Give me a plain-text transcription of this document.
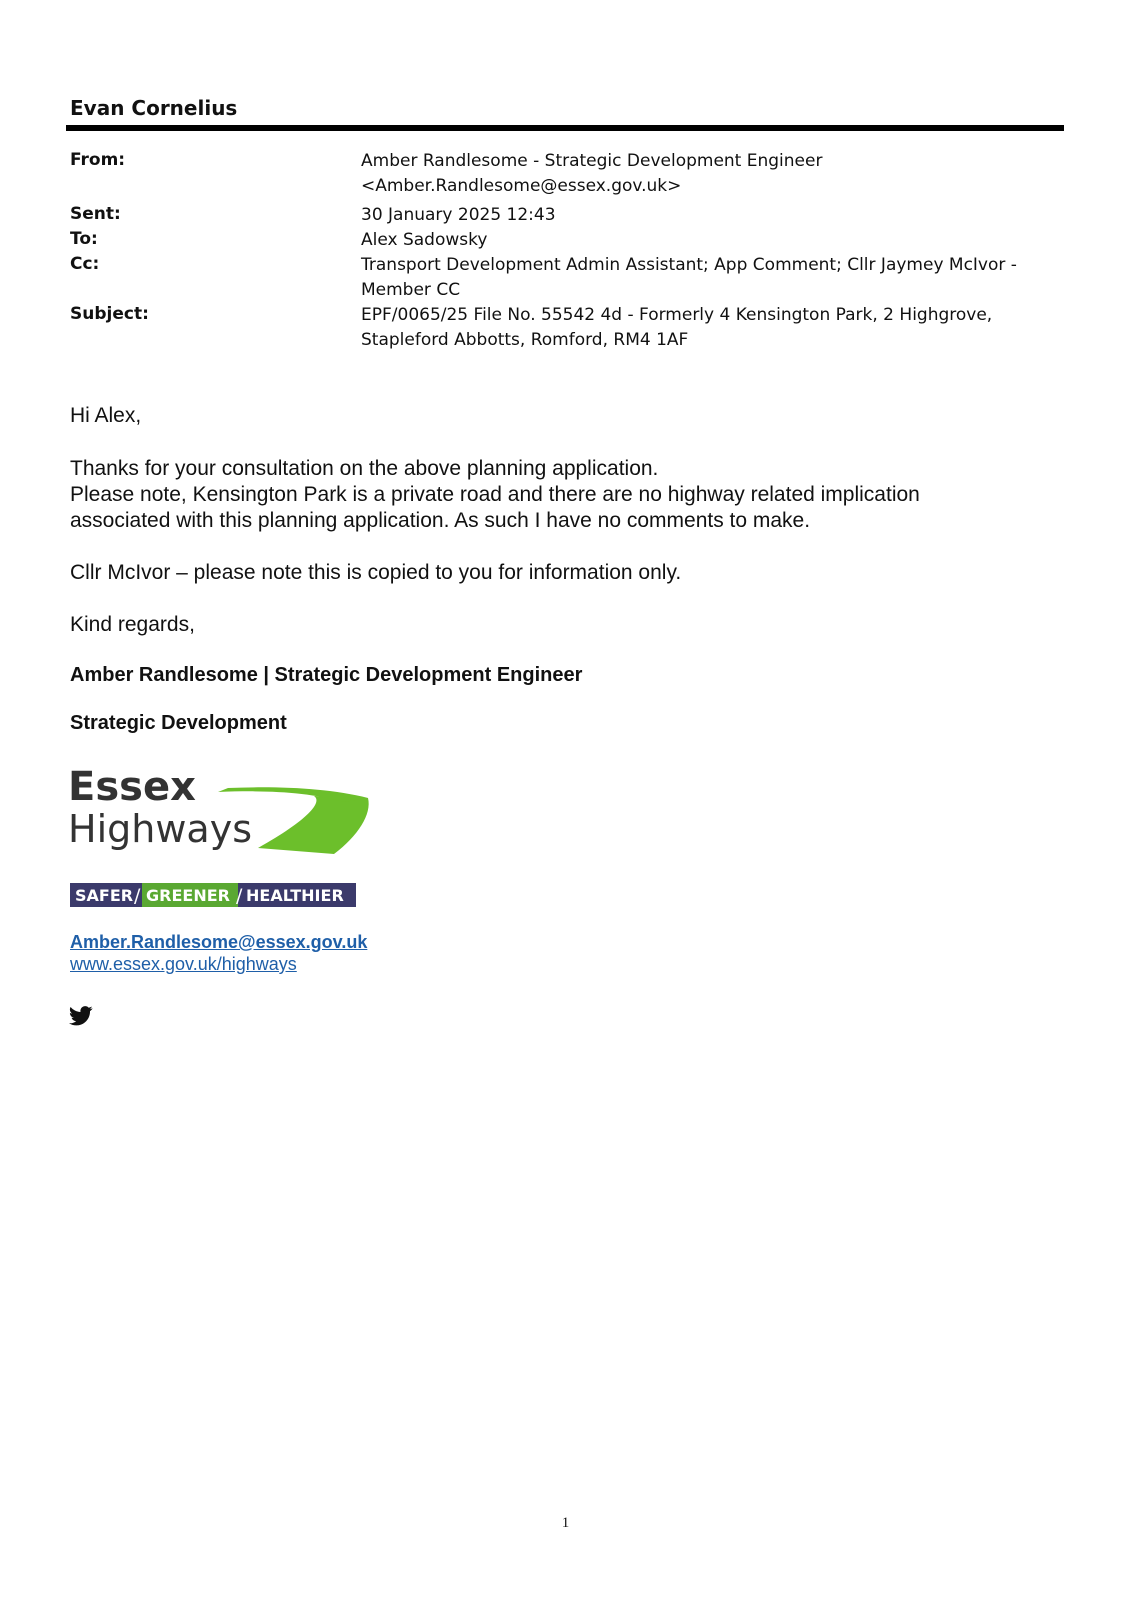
Evan Cornelius
From:	Amber Randlesome - Strategic Development Engineer
<Amber.Randlesome@essex.gov.uk>
Sent:	30 January 2025 12:43
To:	Alex Sadowsky
Cc:	Transport Development Admin Assistant; App Comment; Cllr Jaymey McIvor -
Member CC
Subject:	EPF/0065/25 File No. 55542 4d - Formerly 4 Kensington Park, 2 Highgrove,
Stapleford Abbotts, Romford, RM4 1AF
Hi Alex,
Thanks for your consultation on the above planning application.
Please note, Kensington Park is a private road and there are no highway related implication
associated with this planning application. As such I have no comments to make.
Cllr McIvor – please note this is copied to you for information only.
Kind regards,
Amber Randlesome | Strategic Development Engineer
Strategic Development
Essex
Highways
SAFER / GREENER / HEALTHIER
Amber.Randlesome@essex.gov.uk
www.essex.gov.uk/highways
1
